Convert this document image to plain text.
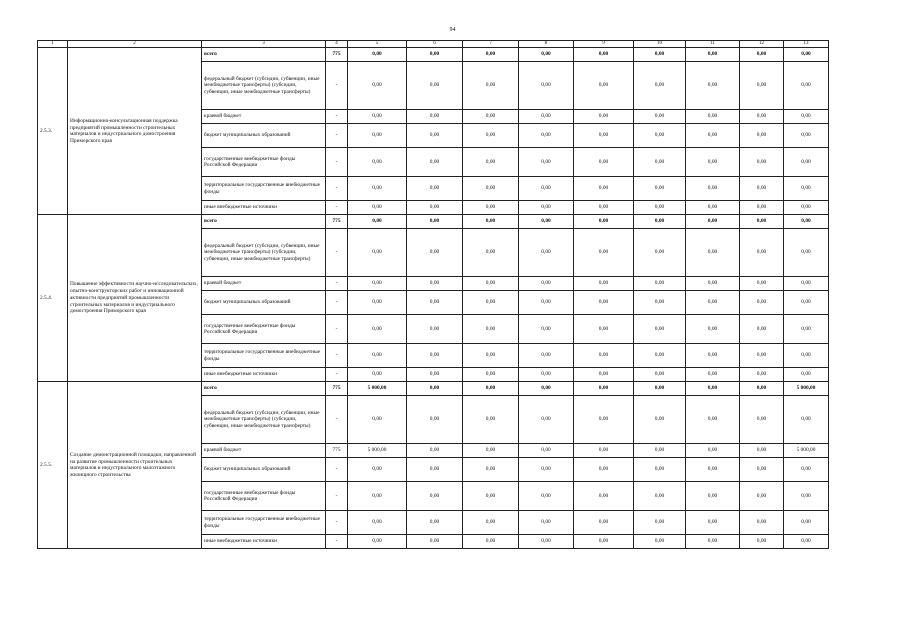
94
1	2	3	4	5	6	7	8	9	10	11	12	13
2.5.3.	Информационно-консультационная поддержка предприятий промышленности строительных материалов и индустриального домостроения Приморского края	всего	775	0,00	0,00	0,00	0,00	0,00	0,00	0,00	0,00	0,00
		федеральный бюджет (субсидии, субвенции, иные межбюджетные трансферты) (субсидии, субвенции, иные межбюджетные трансферты)	-	0,00	0,00	0,00	0,00	0,00	0,00	0,00	0,00	0,00
		краевой бюджет	-	0,00	0,00	0,00	0,00	0,00	0,00	0,00	0,00	0,00
		бюджет муниципальных образований	-	0,00	0,00	0,00	0,00	0,00	0,00	0,00	0,00	0,00
		государственные внебюджетные фонды Российской Федерации	-	0,00	0,00	0,00	0,00	0,00	0,00	0,00	0,00	0,00
		территориальные государственные внебюджетные фонды	-	0,00	0,00	0,00	0,00	0,00	0,00	0,00	0,00	0,00
		иные внебюджетные источники	-	0,00	0,00	0,00	0,00	0,00	0,00	0,00	0,00	0,00
2.5.4.	Повышение эффективности научно-исследовательских, опытно-конструкторских работ и инновационной активности предприятий промышленности строительных материалов и индустриального домостроения Приморского края	всего	775	0,00	0,00	0,00	0,00	0,00	0,00	0,00	0,00	0,00
		федеральный бюджет (субсидии, субвенции, иные межбюджетные трансферты) (субсидии, субвенции, иные межбюджетные трансферты)	-	0,00	0,00	0,00	0,00	0,00	0,00	0,00	0,00	0,00
		краевой бюджет	-	0,00	0,00	0,00	0,00	0,00	0,00	0,00	0,00	0,00
		бюджет муниципальных образований	-	0,00	0,00	0,00	0,00	0,00	0,00	0,00	0,00	0,00
		государственные внебюджетные фонды Российской Федерации	-	0,00	0,00	0,00	0,00	0,00	0,00	0,00	0,00	0,00
		территориальные государственные внебюджетные фонды	-	0,00	0,00	0,00	0,00	0,00	0,00	0,00	0,00	0,00
		иные внебюджетные источники	-	0,00	0,00	0,00	0,00	0,00	0,00	0,00	0,00	0,00
2.5.5.	Создание демонстрационной площадки, направленной на развитие промышленности строительных материалов и индустриального малоэтажного жилищного строительства	всего	775	5 000,00	0,00	0,00	0,00	0,00	0,00	0,00	0,00	5 000,00
		федеральный бюджет (субсидии, субвенции, иные межбюджетные трансферты) (субсидии, субвенции, иные межбюджетные трансферты)	-	0,00	0,00	0,00	0,00	0,00	0,00	0,00	0,00	0,00
		краевой бюджет	775	5 000,00	0,00	0,00	0,00	0,00	0,00	0,00	0,00	5 000,00
		бюджет муниципальных образований	-	0,00	0,00	0,00	0,00	0,00	0,00	0,00	0,00	0,00
		государственные внебюджетные фонды Российской Федерации	-	0,00	0,00	0,00	0,00	0,00	0,00	0,00	0,00	0,00
		территориальные государственные внебюджетные фонды	-	0,00	0,00	0,00	0,00	0,00	0,00	0,00	0,00	0,00
		иные внебюджетные источники	-	0,00	0,00	0,00	0,00	0,00	0,00	0,00	0,00	0,00
